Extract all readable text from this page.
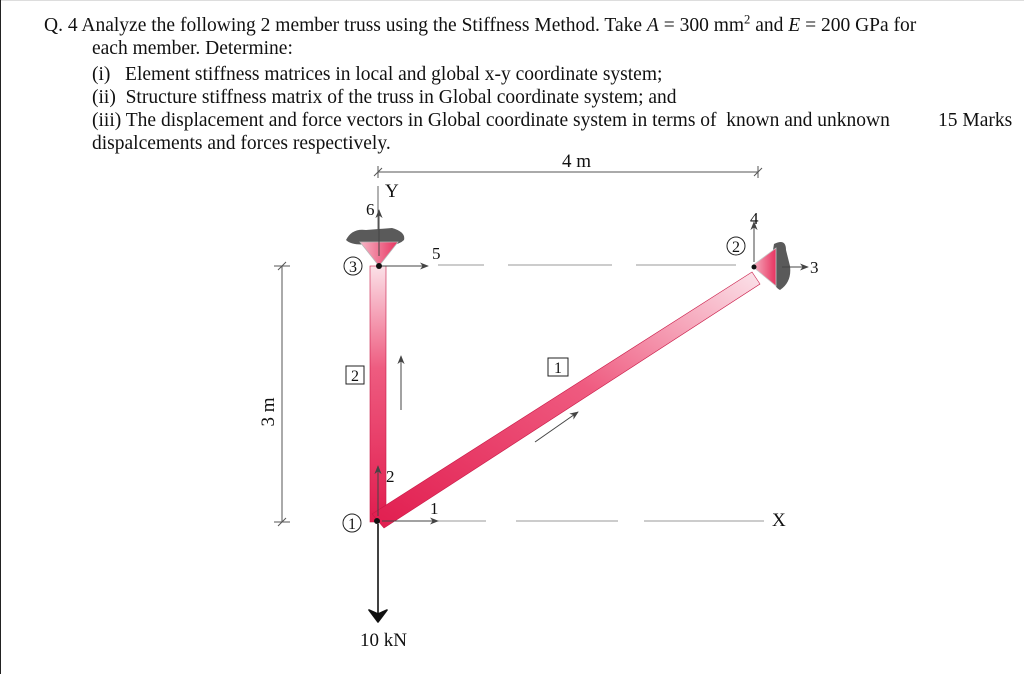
Q. 4 Analyze the following 2 member truss using the Stiffness Method. Take A = 300 $mm^2$ and E = 200 GPa for
each member. Determine:
(i)   Element stiffness matrices in local and global x-y coordinate system;
(ii)  Structure stiffness matrix of the truss in Global coordinate system; and
(iii) The displacement and force vectors in Global coordinate system in terms of  known and unknown 15 Marks
dispalcements and forces respectively.
4 m
3 m
Y
3
1
2
2	1
6
5
4
3
2
1
X
10 kN
